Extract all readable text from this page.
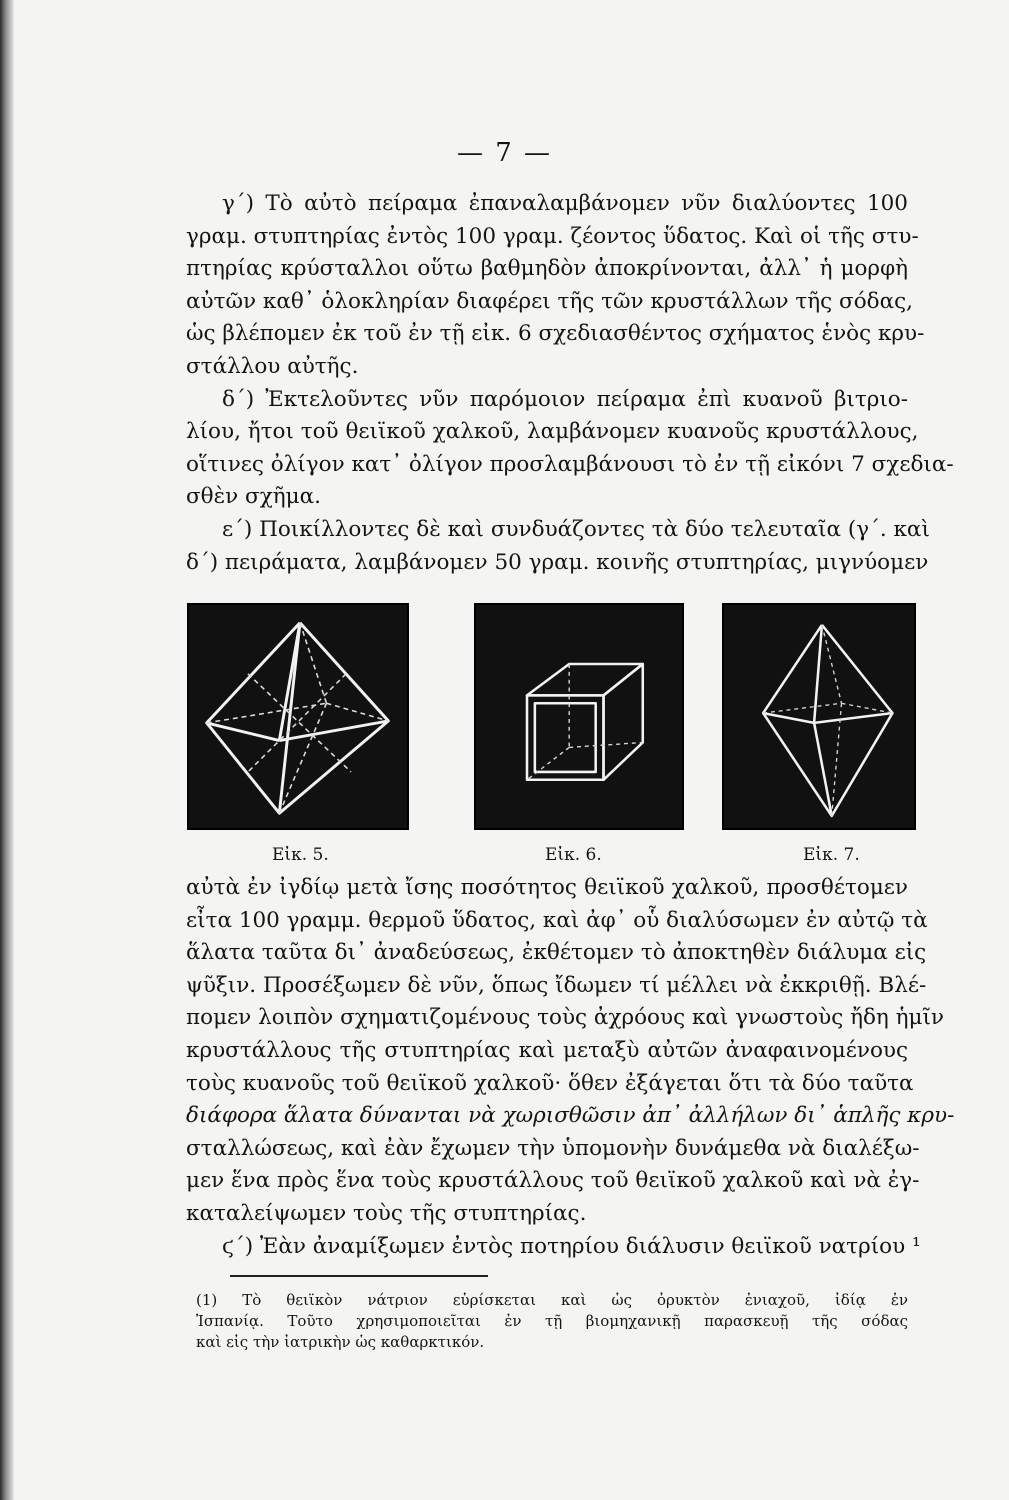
— 7 —
γ΄) Τὸ αὐτὸ πείραμα ἐπαναλαμβάνομεν νῦν διαλύοντες 100
γραμ. στυπτηρίας ἐντὸς 100 γραμ. ζέοντος ὕδατος. Καὶ οἱ τῆς στυ-
πτηρίας κρύσταλλοι οὕτω βαθμηδὸν ἀποκρίνονται, ἀλλ᾽ ἡ μορφὴ
αὐτῶν καθ᾽ ὁλοκληρίαν διαφέρει τῆς τῶν κρυστάλλων τῆς σόδας,
ὡς βλέπομεν ἐκ τοῦ ἐν τῇ εἰκ. 6 σχεδιασθέντος σχήματος ἑνὸς κρυ-
στάλλου αὐτῆς.
δ΄) Ἐκτελοῦντες νῦν παρόμοιον πείραμα ἐπὶ κυανοῦ βιτριο-
λίου, ἤτοι τοῦ θειϊκοῦ χαλκοῦ, λαμβάνομεν κυανοῦς κρυστάλλους,
οἵτινες ὀλίγον κατ᾽ ὀλίγον προσλαμβάνουσι τὸ ἐν τῇ εἰκόνι 7 σχεδια-
σθὲν σχῆμα.
ε΄) Ποικίλλοντες δὲ καὶ συνδυάζοντες τὰ δύο τελευταῖα (γ΄. καὶ
δ΄) πειράματα, λαμβάνομεν 50 γραμ. κοινῆς στυπτηρίας, μιγνύομεν
Εἰκ. 5.	Εἰκ. 6.	Εἰκ. 7.
αὐτὰ ἐν ἰγδίῳ μετὰ ἴσης ποσότητος θειϊκοῦ χαλκοῦ, προσθέτομεν
εἶτα 100 γραμμ. θερμοῦ ὕδατος, καὶ ἀφ᾽ οὗ διαλύσωμεν ἐν αὐτῷ τὰ
ἅλατα ταῦτα δι᾽ ἀναδεύσεως, ἐκθέτομεν τὸ ἀποκτηθὲν διάλυμα εἰς
ψῦξιν. Προσέξωμεν δὲ νῦν, ὅπως ἴδωμεν τί μέλλει νὰ ἐκκριθῇ. Βλέ-
πομεν λοιπὸν σχηματιζομένους τοὺς ἀχρόους καὶ γνωστοὺς ἤδη ἡμῖν
κρυστάλλους τῆς στυπτηρίας καὶ μεταξὺ αὐτῶν ἀναφαινομένους
τοὺς κυανοῦς τοῦ θειϊκοῦ χαλκοῦ· ὅθεν ἐξάγεται ὅτι τὰ δύο ταῦτα
διάφορα ἅλατα δύνανται νὰ χωρισθῶσιν ἀπ᾽ ἀλλήλων δι᾽ ἁπλῆς κρυ-
σταλλώσεως, καὶ ἐὰν ἔχωμεν τὴν ὑπομονὴν δυνάμεθα νὰ διαλέξω-
μεν ἕνα πρὸς ἕνα τοὺς κρυστάλλους τοῦ θειϊκοῦ χαλκοῦ καὶ νὰ ἐγ-
καταλείψωμεν τοὺς τῆς στυπτηρίας.
ϛ΄) Ἐὰν ἀναμίξωμεν ἐντὸς ποτηρίου διάλυσιν θειϊκοῦ νατρίου ¹
(1) Τὸ θειϊκὸν νάτριον εὑρίσκεται καὶ ὡς ὀρυκτὸν ἐνιαχοῦ, ἰδίᾳ ἐν
Ἰσπανίᾳ. Τοῦτο χρησιμοποιεῖται ἐν τῇ βιομηχανικῇ παρασκευῇ τῆς σόδας
καὶ εἰς τὴν ἰατρικὴν ὡς καθαρκτικόν.
